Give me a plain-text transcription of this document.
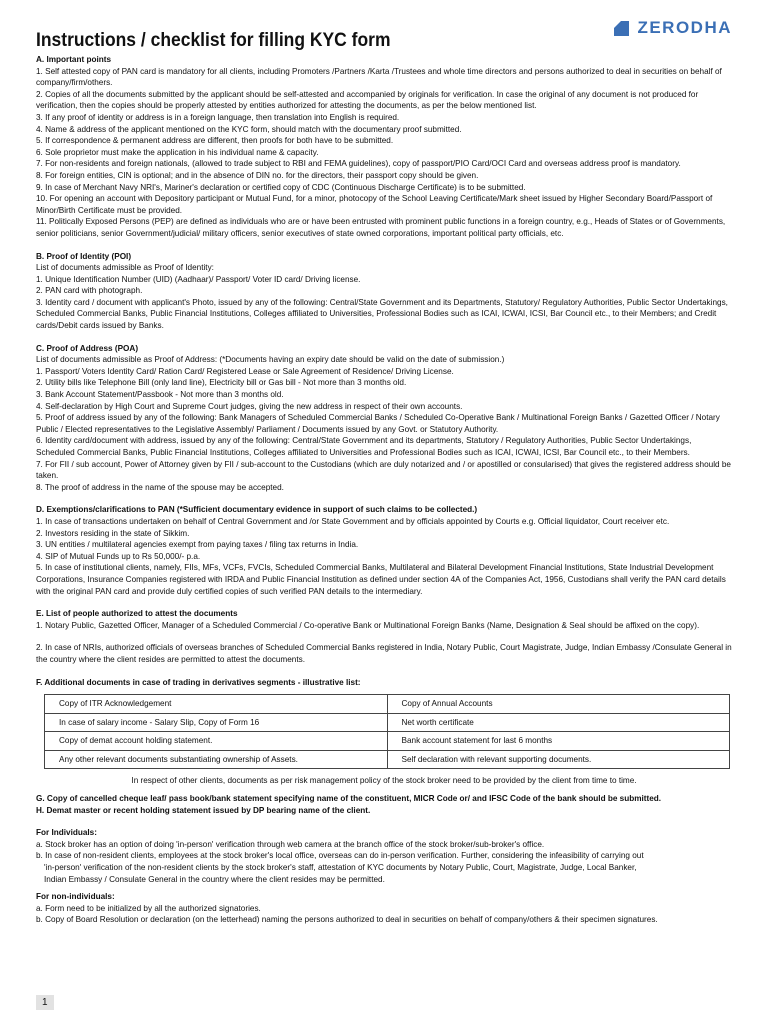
ZERODHA
Instructions / checklist for filling KYC form
A. Important points
1. Self attested copy of PAN card is mandatory for all clients, including Promoters /Partners /Karta /Trustees and whole time directors and persons authorized to deal in securities on behalf of company/firm/others.
2. Copies of all the documents submitted by the applicant should be self-attested and accompanied by originals for verification. In case the original of any document is not produced for verification, then the copies should be properly attested by entities authorized for attesting the documents, as per the below mentioned list.
3. If any proof of identity or address is in a foreign language, then translation into English is required.
4. Name & address of the applicant mentioned on the KYC form, should match with the documentary proof submitted.
5. If correspondence & permanent address are different, then proofs for both have to be submitted.
6. Sole proprietor must make the application in his individual name & capacity.
7. For non-residents and foreign nationals, (allowed to trade subject to RBI and FEMA guidelines), copy of passport/PIO Card/OCI Card and overseas address proof is mandatory.
8. For foreign entities, CIN is optional; and in the absence of DIN no. for the directors, their passport copy should be given.
9. In case of Merchant Navy NRI's, Mariner's declaration or certified copy of CDC (Continuous Discharge Certificate) is to be submitted.
10. For opening an account with Depository participant or Mutual Fund, for a minor, photocopy of the School Leaving Certificate/Mark sheet issued by Higher Secondary Board/Passport of Minor/Birth Certificate must be provided.
11. Politically Exposed Persons (PEP) are defined as individuals who are or have been entrusted with prominent public functions in a foreign country, e.g., Heads of States or of Governments, senior politicians, senior Government/judicial/ military officers, senior executives of state owned corporations, important political party officials, etc.
B. Proof of Identity (POI)
List of documents admissible as Proof of Identity:
1. Unique Identification Number (UID) (Aadhaar)/ Passport/ Voter ID card/ Driving license.
2. PAN card with photograph.
3. Identity card / document with applicant's Photo, issued by any of the following: Central/State Government and its Departments, Statutory/ Regulatory Authorities, Public Sector Undertakings, Scheduled Commercial Banks, Public Financial Institutions, Colleges affiliated to Universities, Professional Bodies such as ICAI, ICWAI, ICSI, Bar Council etc., to their Members; and Credit cards/Debit cards issued by Banks.
C. Proof of Address (POA)
List of documents admissible as Proof of Address: (*Documents having an expiry date should be valid on the date of submission.)
1. Passport/ Voters Identity Card/ Ration Card/ Registered Lease or Sale Agreement of Residence/ Driving License.
2. Utility bills like Telephone Bill (only land line), Electricity bill or Gas bill - Not more than 3 months old.
3. Bank Account Statement/Passbook - Not more than 3 months old.
4. Self-declaration by High Court and Supreme Court judges, giving the new address in respect of their own accounts.
5. Proof of address issued by any of the following: Bank Managers of Scheduled Commercial Banks / Scheduled Co-Operative Bank / Multinational Foreign Banks / Gazetted Officer / Notary Public / Elected representatives to the Legislative Assembly/ Parliament / Documents issued by any Govt. or Statutory Authority.
6. Identity card/document with address, issued by any of the following: Central/State Government and its departments, Statutory / Regulatory Authorities, Public Sector Undertakings, Scheduled Commercial Banks, Public Financial Institutions, Colleges affiliated to Universities and Professional Bodies such as ICAI, ICWAI, ICSI, Bar Council etc., to their Members.
7. For FII / sub account, Power of Attorney given by FII / sub-account to the Custodians (which are duly notarized and / or apostilled or consularised) that gives the registered address should be taken.
8. The proof of address in the name of the spouse may be accepted.
D. Exemptions/clarifications to PAN (*Sufficient documentary evidence in support of such claims to be collected.)
1. In case of transactions undertaken on behalf of Central Government and /or State Government and by officials appointed by Courts e.g. Official liquidator, Court receiver etc.
2. Investors residing in the state of Sikkim.
3. UN entities / multilateral agencies exempt from paying taxes / filing tax returns in India.
4. SIP of Mutual Funds up to Rs 50,000/- p.a.
5. In case of institutional clients, namely, FIIs, MFs, VCFs, FVCIs, Scheduled Commercial Banks, Multilateral and Bilateral Development Financial Institutions, State Industrial Development Corporations, Insurance Companies registered with IRDA and Public Financial Institution as defined under section 4A of the Companies Act, 1956, Custodians shall verify the PAN card details with the original PAN card and provide duly certified copies of such verified PAN details to the intermediary.
E. List of people authorized to attest the documents
1. Notary Public, Gazetted Officer, Manager of a Scheduled Commercial / Co-operative Bank or Multinational Foreign Banks (Name, Designation & Seal should be affixed on the copy).
2. In case of NRIs, authorized officials of overseas branches of Scheduled Commercial Banks registered in India, Notary Public, Court Magistrate, Judge, Indian Embassy /Consulate General in the country where the client resides are permitted to attest the documents.
F. Additional documents in case of trading in derivatives segments - illustrative list:
Copy of ITR Acknowledgement	Copy of Annual Accounts
In case of salary income - Salary Slip, Copy of Form 16	Net worth certificate
Copy of demat account holding statement.	Bank account statement for last 6 months
Any other relevant documents substantiating ownership of Assets.	Self declaration with relevant supporting documents.
In respect of other clients, documents as per risk management policy of the stock broker need to be provided by the client from time to time.
G. Copy of cancelled cheque leaf/ pass book/bank statement specifying name of the constituent, MICR Code or/ and IFSC Code of the bank should be submitted.
H. Demat master or recent holding statement issued by DP bearing name of the client.
For Individuals:
a. Stock broker has an option of doing 'in-person' verification through web camera at the branch office of the stock broker/sub-broker's office.
b. In case of non-resident clients, employees at the stock broker's local office, overseas can do in-person verification. Further, considering the infeasibility of carrying out
'in-person' verification of the non-resident clients by the stock broker's staff, attestation of KYC documents by Notary Public, Court, Magistrate, Judge, Local Banker,
Indian Embassy / Consulate General in the country where the client resides may be permitted.
For non-individuals:
a. Form need to be initialized by all the authorized signatories.
b. Copy of Board Resolution or declaration (on the letterhead) naming the persons authorized to deal in securities on behalf of company/others & their specimen signatures.
1
